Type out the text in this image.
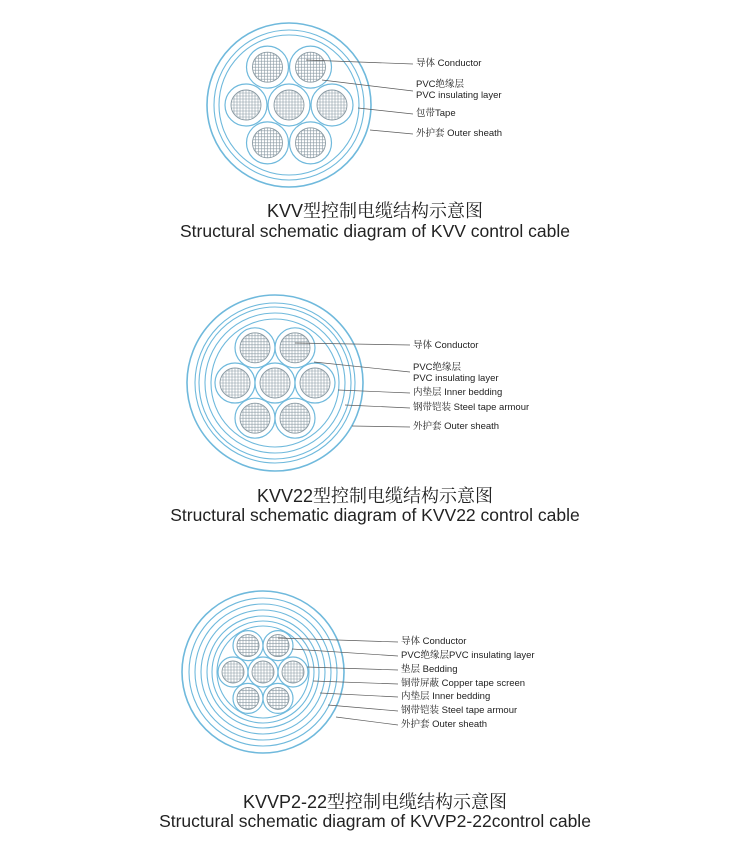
导体 Conductor
PVC绝缘层
PVC insulating layer
包带Tape
外护套 Outer sheath
KVV型控制电缆结构示意图
Structural schematic diagram of KVV control cable
导体 Conductor
PVC绝缘层
PVC insulating layer
内垫层 Inner bedding
钢带铠装 Steel tape armour
外护套 Outer sheath
KVV22型控制电缆结构示意图
Structural schematic diagram of KVV22 control cable
导体 Conductor
PVC绝缘层PVC insulating layer
垫层 Bedding
铜带屏蔽 Copper tape screen
内垫层 Inner bedding
钢带铠装 Steel tape armour
外护套 Outer sheath
KVVP2-22型控制电缆结构示意图
Structural schematic diagram of KVVP2-22control cable
